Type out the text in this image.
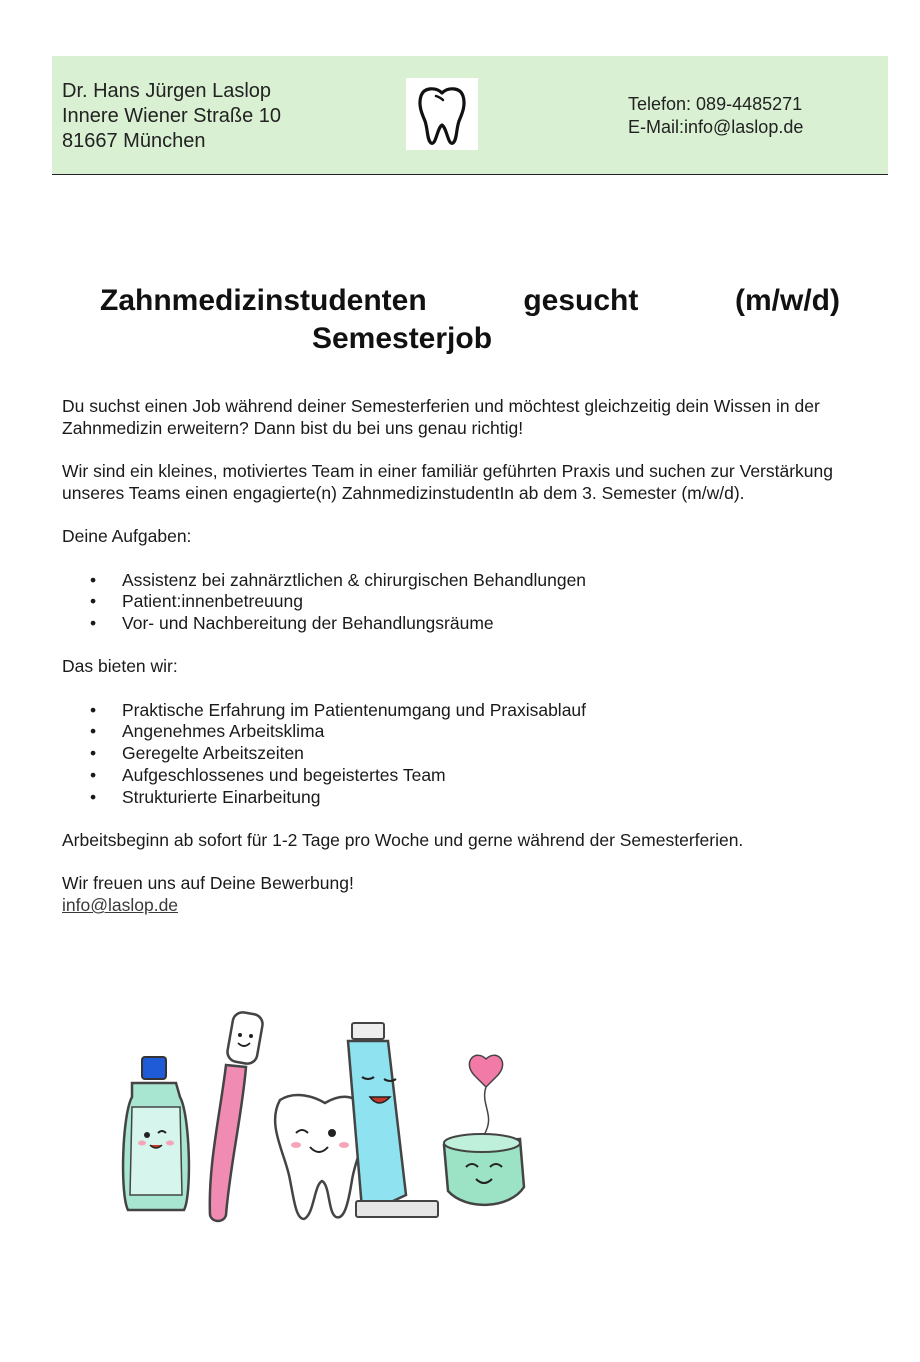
Dr. Hans Jürgen Laslop
Innere Wiener Straße 10
81667 München
Telefon: 089-4485271
E-Mail:info@laslop.de
Zahnmedizinstudenten	gesucht	(m/w/d)
Semesterjob

Du suchst einen Job während deiner Semesterferien und möchtest gleichzeitig dein Wissen in der Zahnmedizin erweitern? Dann bist du bei uns genau richtig!

Wir sind ein kleines, motiviertes Team in einer familiär geführten Praxis und suchen zur Verstärkung unseres Teams einen engagierte(n) ZahnmedizinstudentIn ab dem 3. Semester (m/w/d).

Deine Aufgaben:

• Assistenz bei zahnärztlichen & chirurgischen Behandlungen
• Patient:innenbetreuung
• Vor- und Nachbereitung der Behandlungsräume

Das bieten wir:

• Praktische Erfahrung im Patientenumgang und Praxisablauf
• Angenehmes Arbeitsklima
• Geregelte Arbeitszeiten
• Aufgeschlossenes und begeistertes Team
• Strukturierte Einarbeitung

Arbeitsbeginn ab sofort für 1-2 Tage pro Woche und gerne während der Semesterferien.

Wir freuen uns auf Deine Bewerbung!
info@laslop.de
